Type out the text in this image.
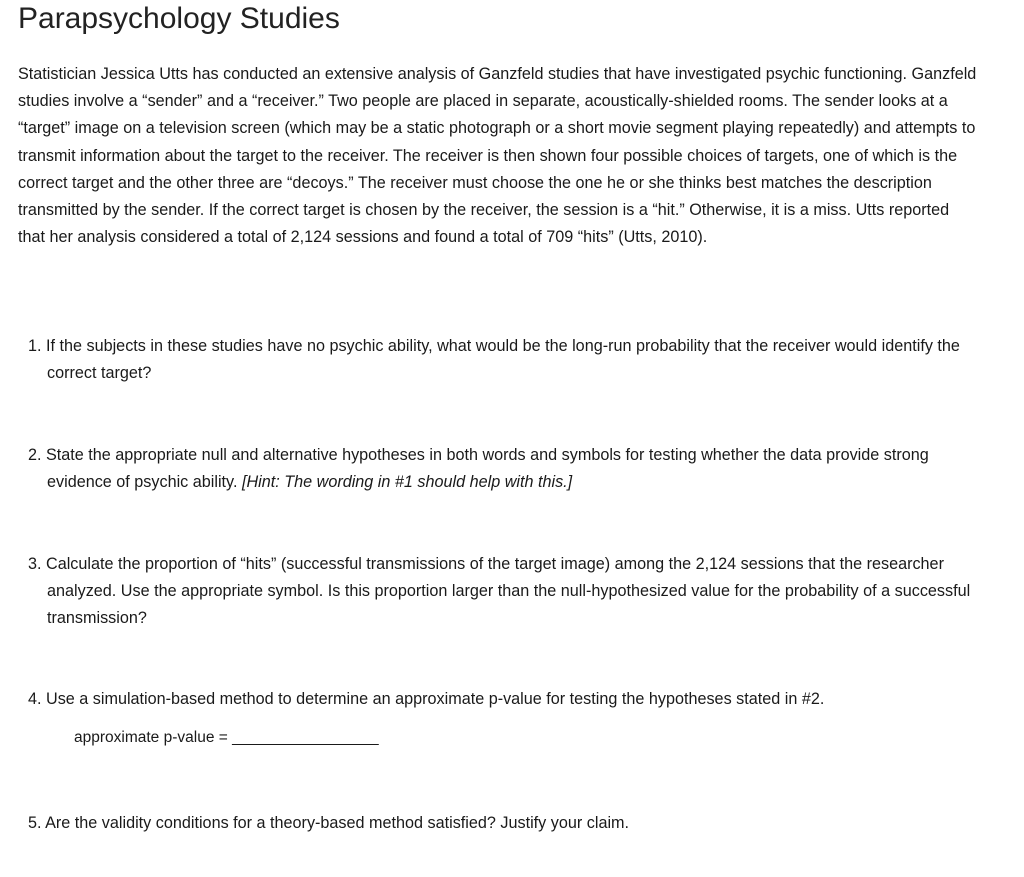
Parapsychology Studies

Statistician Jessica Utts has conducted an extensive analysis of Ganzfeld studies that have investigated psychic functioning. Ganzfeld studies involve a “sender” and a “receiver.” Two people are placed in separate, acoustically-shielded rooms. The sender looks at a “target” image on a television screen (which may be a static photograph or a short movie segment playing repeatedly) and attempts to transmit information about the target to the receiver. The receiver is then shown four possible choices of targets, one of which is the correct target and the other three are “decoys.” The receiver must choose the one he or she thinks best matches the description transmitted by the sender. If the correct target is chosen by the receiver, the session is a “hit.” Otherwise, it is a miss. Utts reported that her analysis considered a total of 2,124 sessions and found a total of 709 “hits” (Utts, 2010).

1. If the subjects in these studies have no psychic ability, what would be the long-run probability that the receiver would identify the correct target?

2. State the appropriate null and alternative hypotheses in both words and symbols for testing whether the data provide strong evidence of psychic ability. [Hint: The wording in #1 should help with this.]

3. Calculate the proportion of “hits” (successful transmissions of the target image) among the 2,124 sessions that the researcher analyzed. Use the appropriate symbol. Is this proportion larger than the null-hypothesized value for the probability of a successful transmission?

4. Use a simulation-based method to determine an approximate p-value for testing the hypotheses stated in #2.

approximate p-value = _________________

5. Are the validity conditions for a theory-based method satisfied? Justify your claim.
